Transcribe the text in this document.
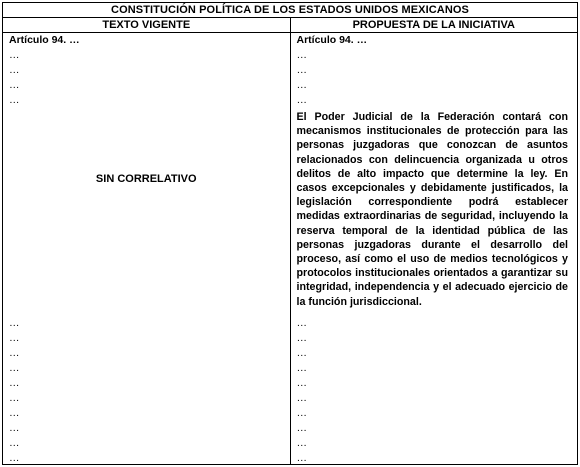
CONSTITUCIÓN POLÍTICA DE LOS ESTADOS UNIDOS MEXICANOS
TEXTO VIGENTE	PROPUESTA DE LA INICIATIVA
Artículo 94. …
…
…
…
…
SIN CORRELATIVO
…
…
…
…
…
…
…
…
…
…
Artículo 94. …
…
…
…
…
El Poder Judicial de la Federación contará con mecanismos institucionales de protección para las personas juzgadoras que conozcan de asuntos relacionados con delincuencia organizada u otros delitos de alto impacto que determine la ley. En casos excepcionales y debidamente justificados, la legislación correspondiente podrá establecer medidas extraordinarias de seguridad, incluyendo la reserva temporal de la identidad pública de las personas juzgadoras durante el desarrollo del proceso, así como el uso de medios tecnológicos y protocolos institucionales orientados a garantizar su integridad, independencia y el adecuado ejercicio de la función jurisdiccional.
…
…
…
…
…
…
…
…
…
…
